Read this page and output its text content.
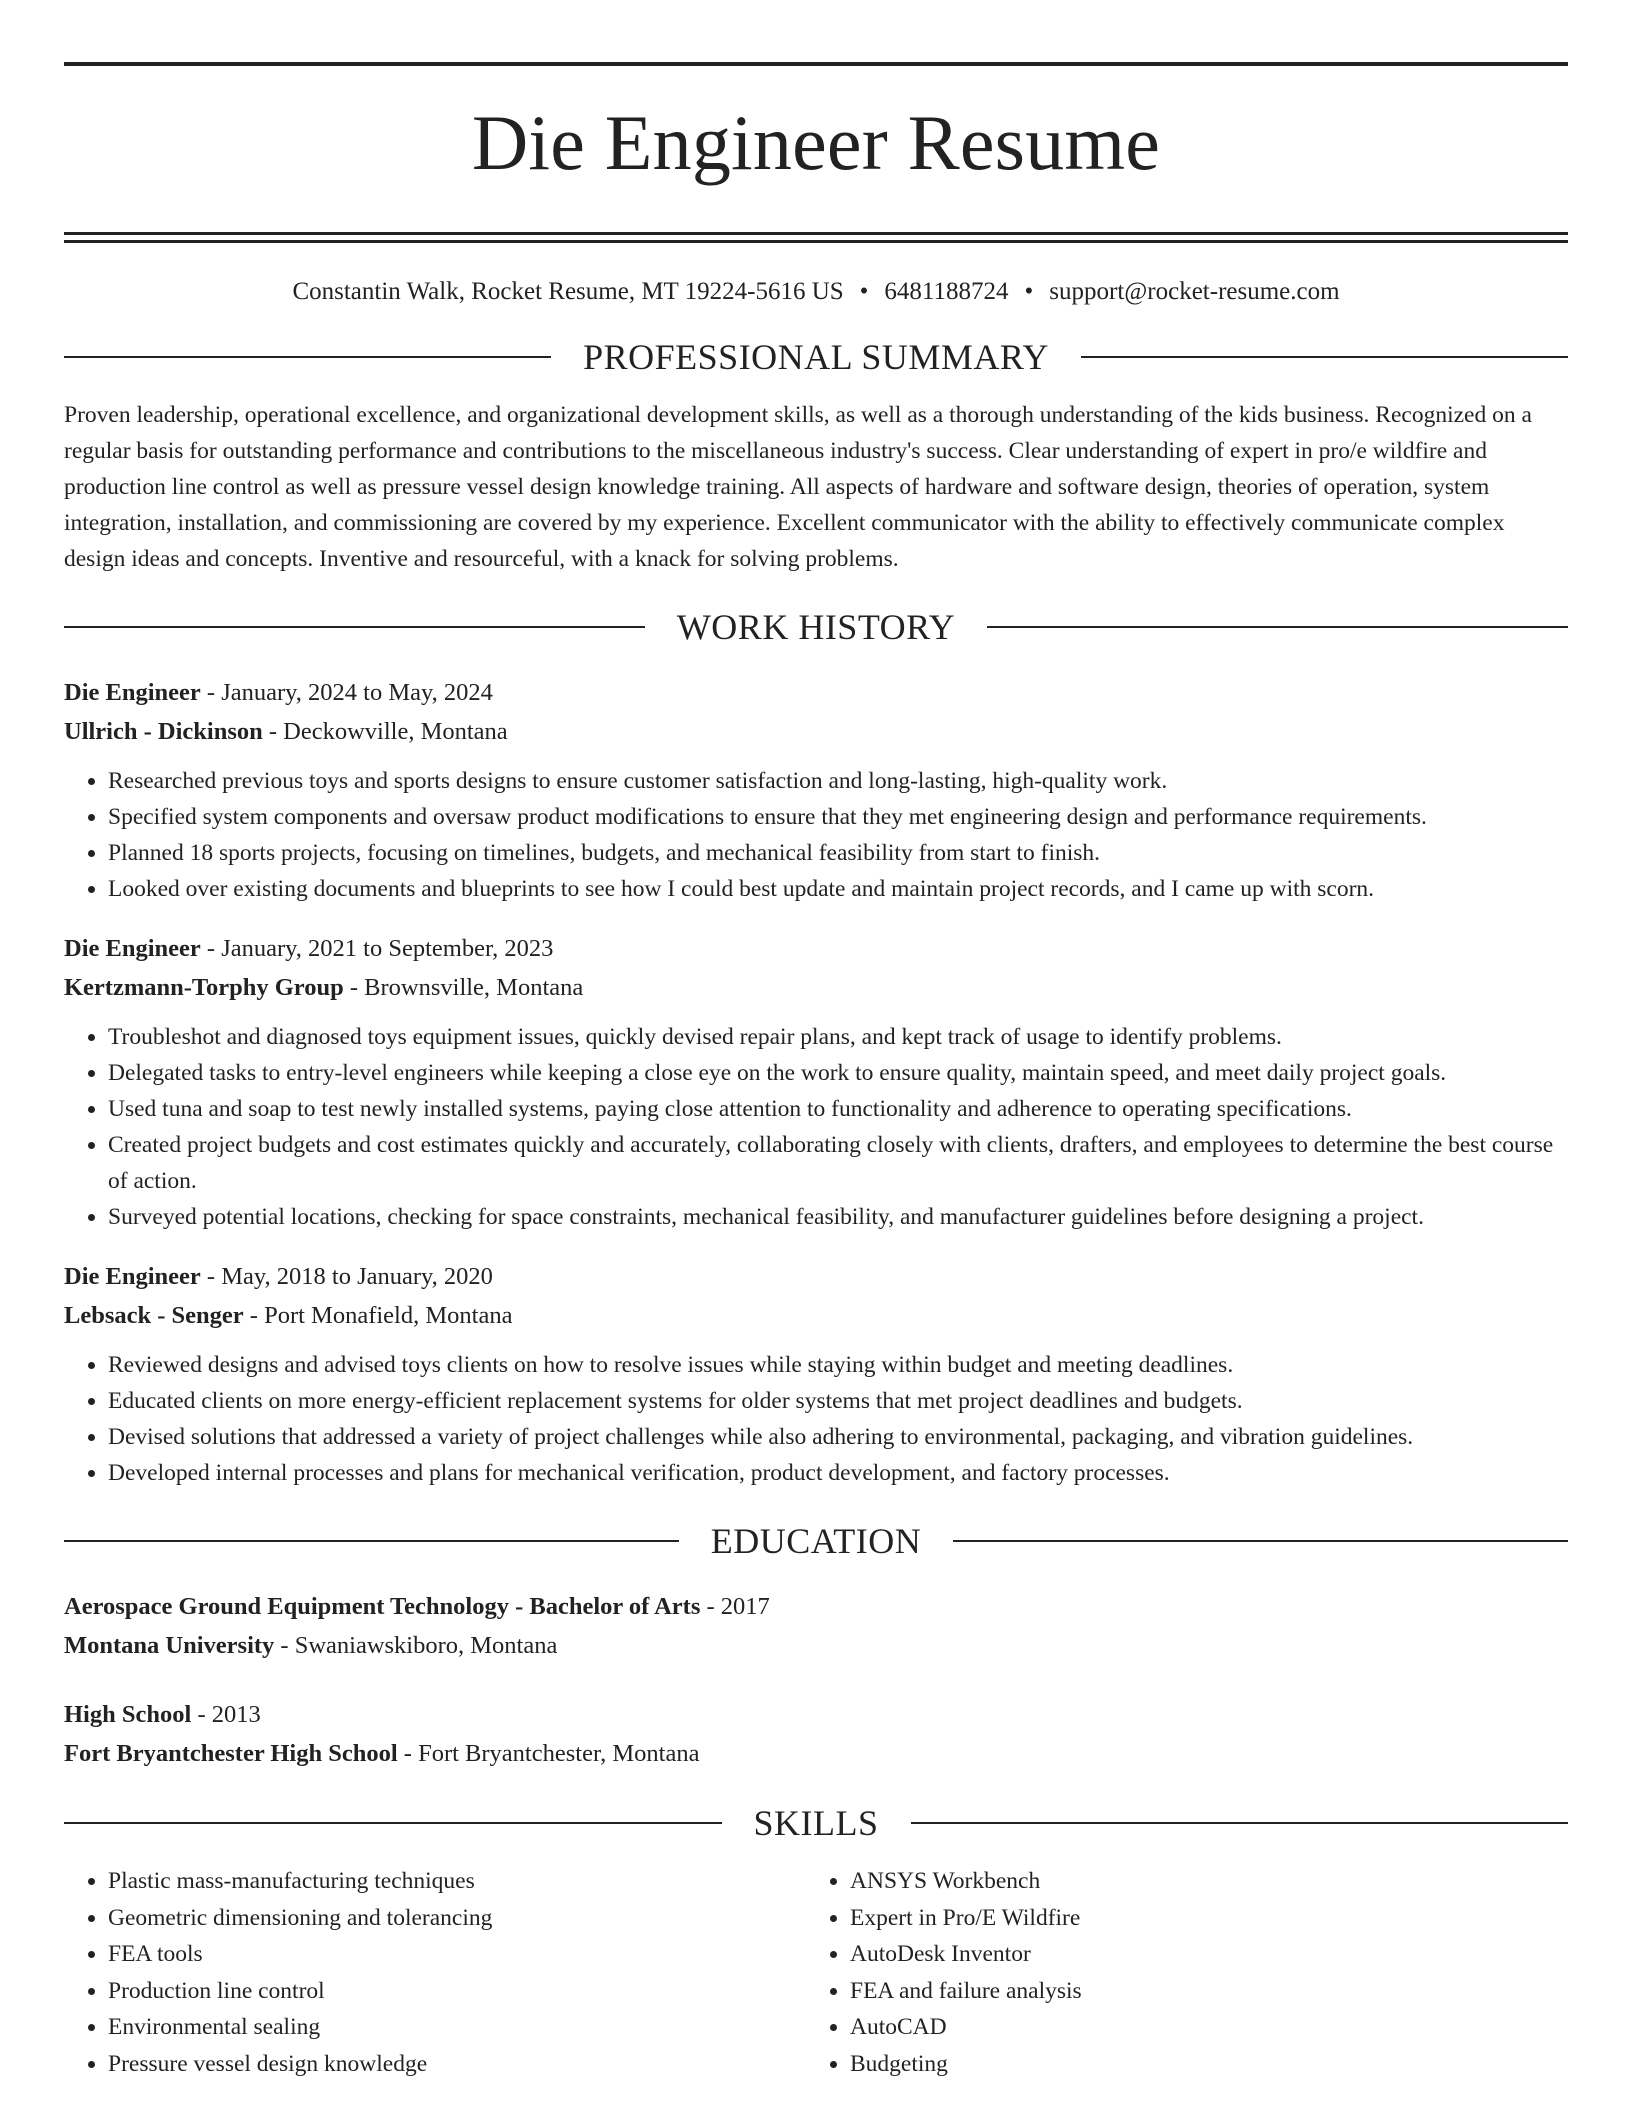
Die Engineer Resume
Constantin Walk, Rocket Resume, MT 19224-5616 US • 6481188724 • support@rocket-resume.com
PROFESSIONAL SUMMARY
Proven leadership, operational excellence, and organizational development skills, as well as a thorough understanding of the kids business. Recognized on a regular basis for outstanding performance and contributions to the miscellaneous industry's success. Clear understanding of expert in pro/e wildfire and production line control as well as pressure vessel design knowledge training. All aspects of hardware and software design, theories of operation, system integration, installation, and commissioning are covered by my experience. Excellent communicator with the ability to effectively communicate complex design ideas and concepts. Inventive and resourceful, with a knack for solving problems.
WORK HISTORY
Die Engineer - January, 2024 to May, 2024
Ullrich - Dickinson - Deckowville, Montana
• Researched previous toys and sports designs to ensure customer satisfaction and long-lasting, high-quality work.
• Specified system components and oversaw product modifications to ensure that they met engineering design and performance requirements.
• Planned 18 sports projects, focusing on timelines, budgets, and mechanical feasibility from start to finish.
• Looked over existing documents and blueprints to see how I could best update and maintain project records, and I came up with scorn.
Die Engineer - January, 2021 to September, 2023
Kertzmann-Torphy Group - Brownsville, Montana
• Troubleshot and diagnosed toys equipment issues, quickly devised repair plans, and kept track of usage to identify problems.
• Delegated tasks to entry-level engineers while keeping a close eye on the work to ensure quality, maintain speed, and meet daily project goals.
• Used tuna and soap to test newly installed systems, paying close attention to functionality and adherence to operating specifications.
• Created project budgets and cost estimates quickly and accurately, collaborating closely with clients, drafters, and employees to determine the best course of action.
• Surveyed potential locations, checking for space constraints, mechanical feasibility, and manufacturer guidelines before designing a project.
Die Engineer - May, 2018 to January, 2020
Lebsack - Senger - Port Monafield, Montana
• Reviewed designs and advised toys clients on how to resolve issues while staying within budget and meeting deadlines.
• Educated clients on more energy-efficient replacement systems for older systems that met project deadlines and budgets.
• Devised solutions that addressed a variety of project challenges while also adhering to environmental, packaging, and vibration guidelines.
• Developed internal processes and plans for mechanical verification, product development, and factory processes.
EDUCATION
Aerospace Ground Equipment Technology - Bachelor of Arts - 2017
Montana University - Swaniawskiboro, Montana
High School - 2013
Fort Bryantchester High School - Fort Bryantchester, Montana
SKILLS
• Plastic mass-manufacturing techniques
• Geometric dimensioning and tolerancing
• FEA tools
• Production line control
• Environmental sealing
• Pressure vessel design knowledge
• ANSYS Workbench
• Expert in Pro/E Wildfire
• AutoDesk Inventor
• FEA and failure analysis
• AutoCAD
• Budgeting
